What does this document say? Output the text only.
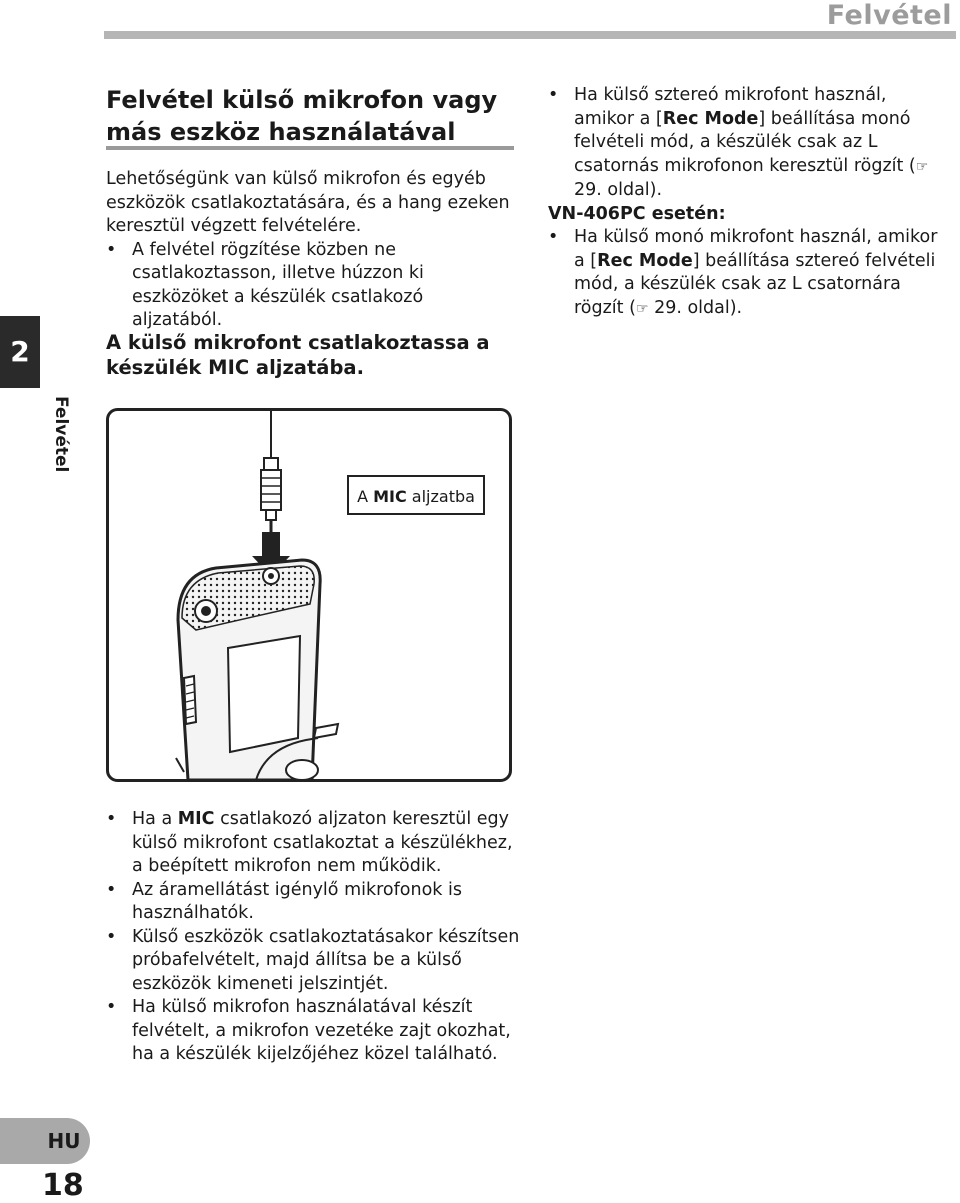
Felvétel
2
Felvétel
HU
18
Felvétel külső mikrofon vagy más eszköz használatával
Lehetőségünk van külső mikrofon és egyéb eszközök csatlakoztatására, és a hang ezeken keresztül végzett felvételére.
• A felvétel rögzítése közben ne csatlakoztasson, illetve húzzon ki eszközöket a készülék csatlakozó aljzatából.
A külső mikrofont csatlakoztassa a készülék MIC aljzatába.
• Ha külső sztereó mikrofont használ, amikor a [Rec Mode] beállítása monó felvételi mód, a készülék csak az L csatornás mikrofonon keresztül rögzít (☞ 29. oldal).
VN-406PC esetén:
• Ha külső monó mikrofont használ, amikor a [Rec Mode] beállítása sztereó felvételi mód, a készülék csak az L csatornára rögzít (☞ 29. oldal).
A MIC aljzatba
• Ha a MIC csatlakozó aljzaton keresztül egy külső mikrofont csatlakoztat a készülékhez, a beépített mikrofon nem működik.
• Az áramellátást igénylő mikrofonok is használhatók.
• Külső eszközök csatlakoztatásakor készítsen próbafelvételt, majd állítsa be a külső eszközök kimeneti jelszintjét.
• Ha külső mikrofon használatával készít felvételt, a mikrofon vezetéke zajt okozhat, ha a készülék kijelzőjéhez közel található.
